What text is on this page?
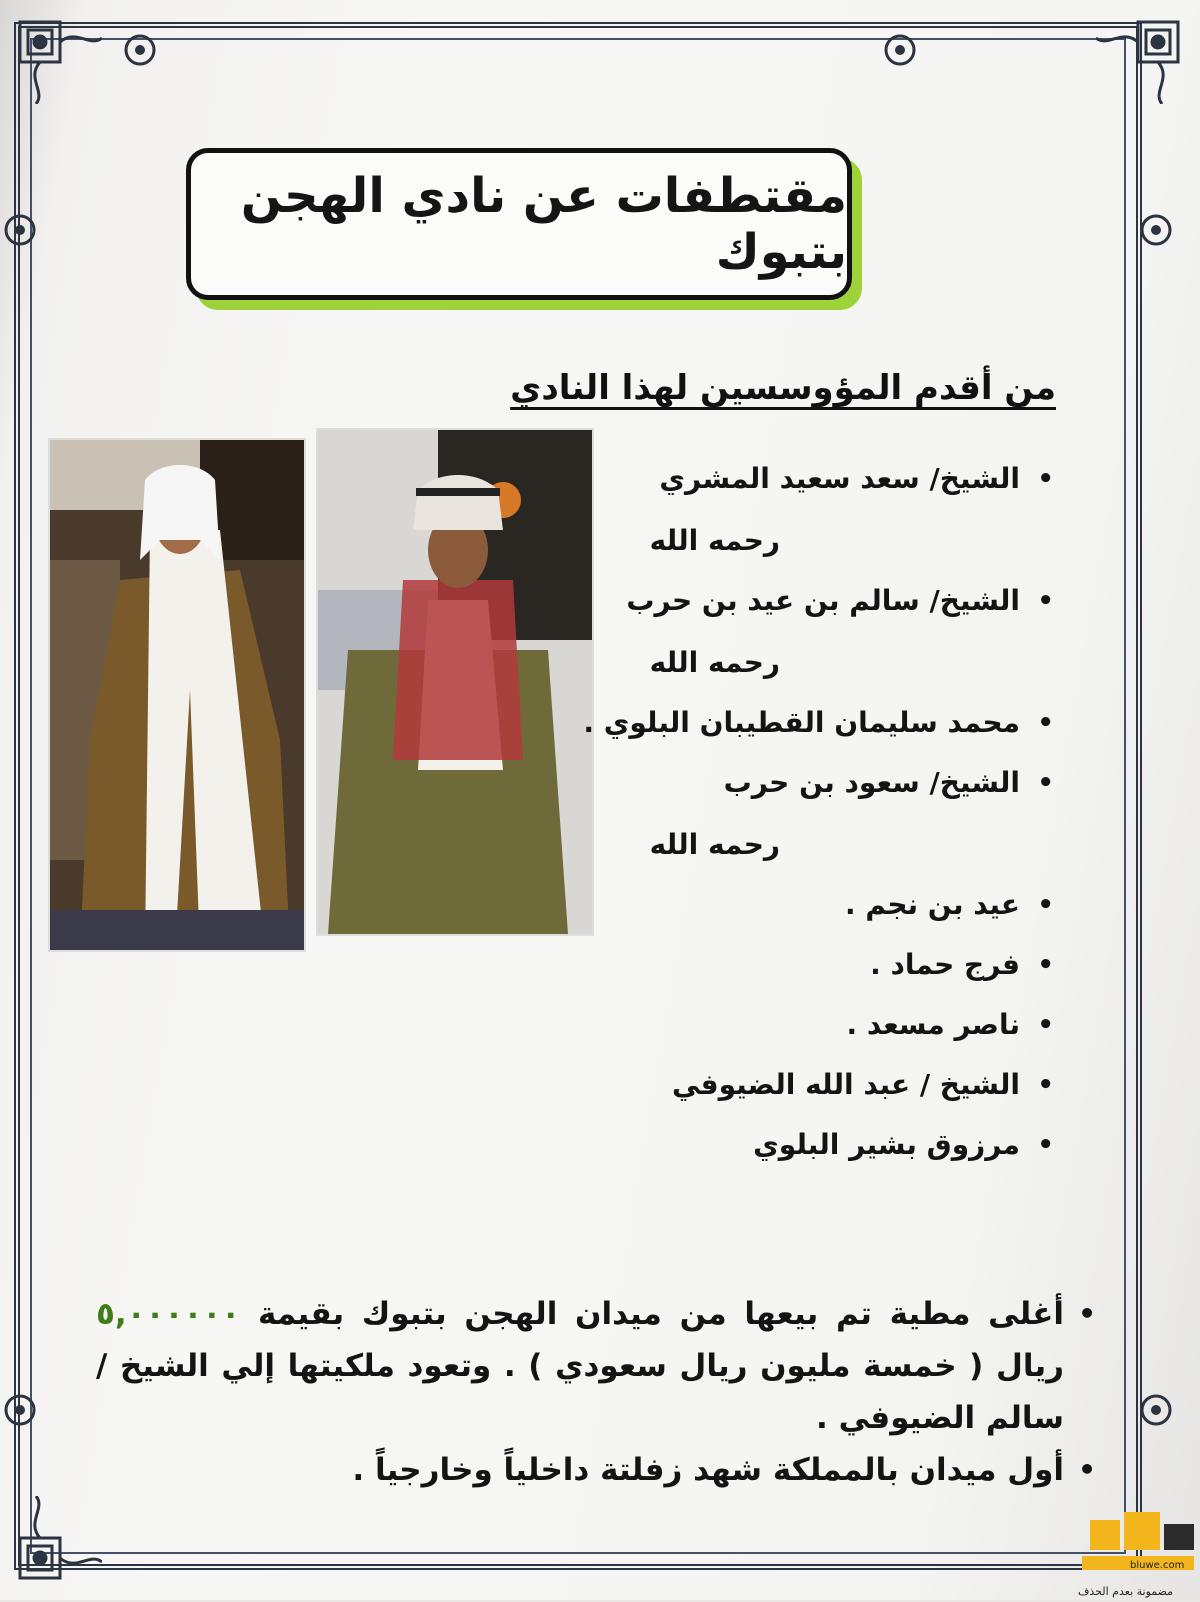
مقتطفات عن نادي الهجن بتبوك
من أقدم المؤوسسين لهذا النادي
• الشيخ/ سعد سعيد المشري
رحمه الله
• الشيخ/ سالم بن عيد بن حرب
رحمه الله
• محمد سليمان القطيبان البلوي .
• الشيخ/ سعود بن حرب
رحمه الله
• عيد بن نجم .
• فرج حماد .
• ناصر مسعد .
• الشيخ / عبد الله الضيوفي
• مرزوق بشير البلوي
• أغلى مطية تم بيعها من ميدان الهجن بتبوك بقيمة ٥,٠٠٠٠٠٠ ريال ( خمسة مليون ريال سعودي ) . وتعود ملكيتها إلي الشيخ / سالم الضيوفي .
• أول ميدان بالمملكة شهد زفلتة داخلياً وخارجياً .
مضمونة بعدم الحذف
bluwe.com
